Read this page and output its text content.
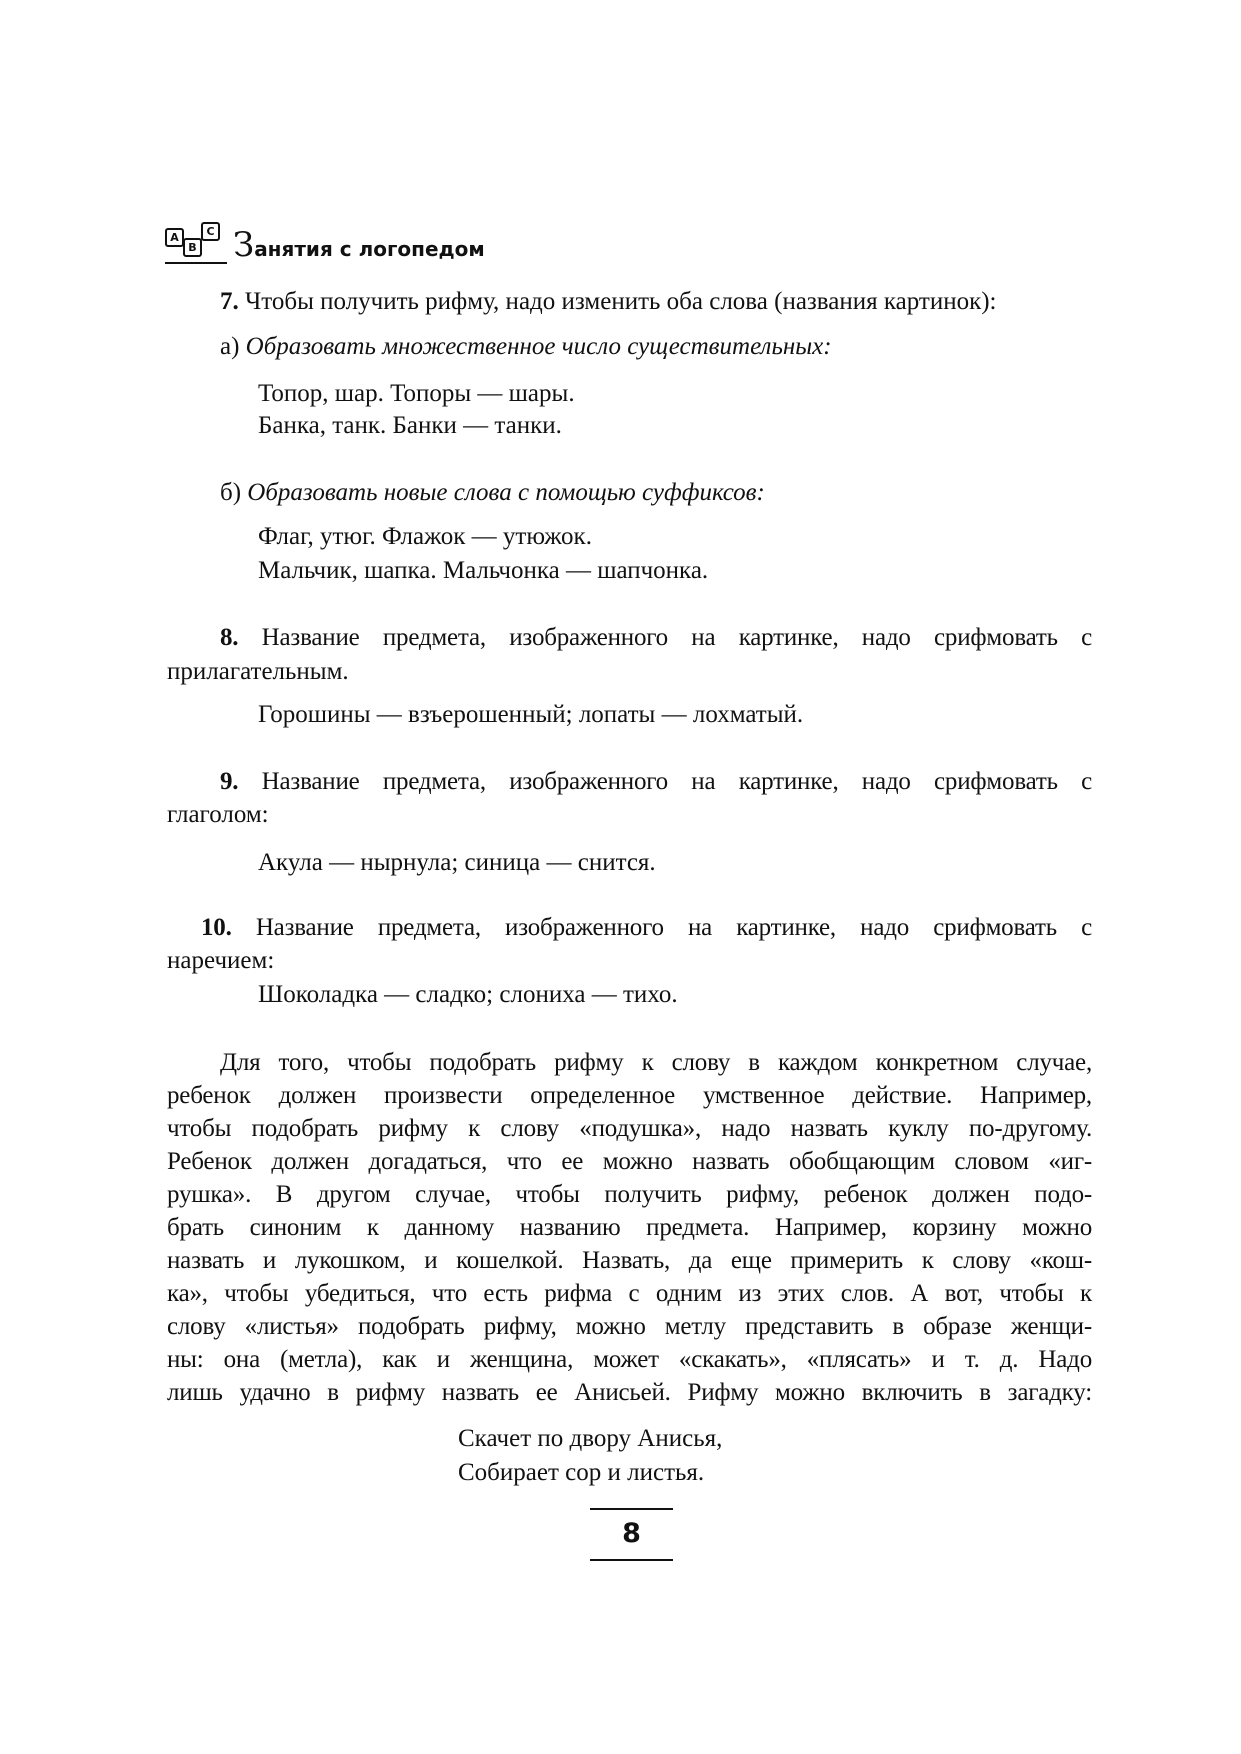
A
B
C Занятия с логопедом
7. Чтобы получить рифму, надо изменить оба слова (названия картинок):
а) Образовать множественное число существительных:
Топор, шар. Топоры — шары.
Банка, танк. Банки — танки.
б) Образовать новые слова с помощью суффиксов:
Флаг, утюг. Флажок — утюжок.
Мальчик, шапка. Мальчонка — шапчонка.
8. Название предмета, изображенного на картинке, надо срифмовать с
прилагательным.
Горошины — взъерошенный; лопаты — лохматый.
9. Название предмета, изображенного на картинке, надо срифмовать с
глаголом:
Акула — нырнула; синица — снится.
10. Название предмета, изображенного на картинке, надо срифмовать с
наречием:
Шоколадка — сладко; слониха — тихо.
Для того, чтобы подобрать рифму к слову в каждом конкретном случае,
ребенок должен произвести определенное умственное действие. Например,
чтобы подобрать рифму к слову «подушка», надо назвать куклу по-другому.
Ребенок должен догадаться, что ее можно назвать обобщающим словом «иг-
рушка». В другом случае, чтобы получить рифму, ребенок должен подо-
брать синоним к данному названию предмета. Например, корзину можно
назвать и лукошком, и кошелкой. Назвать, да еще примерить к слову «кош-
ка», чтобы убедиться, что есть рифма с одним из этих слов. А вот, чтобы к
слову «листья» подобрать рифму, можно метлу представить в образе женщи-
ны: она (метла), как и женщина, может «скакать», «плясать» и т. д. Надо
лишь удачно в рифму назвать ее Анисьей. Рифму можно включить в загадку:
Скачет по двору Анисья,
Собирает сор и листья.
8
